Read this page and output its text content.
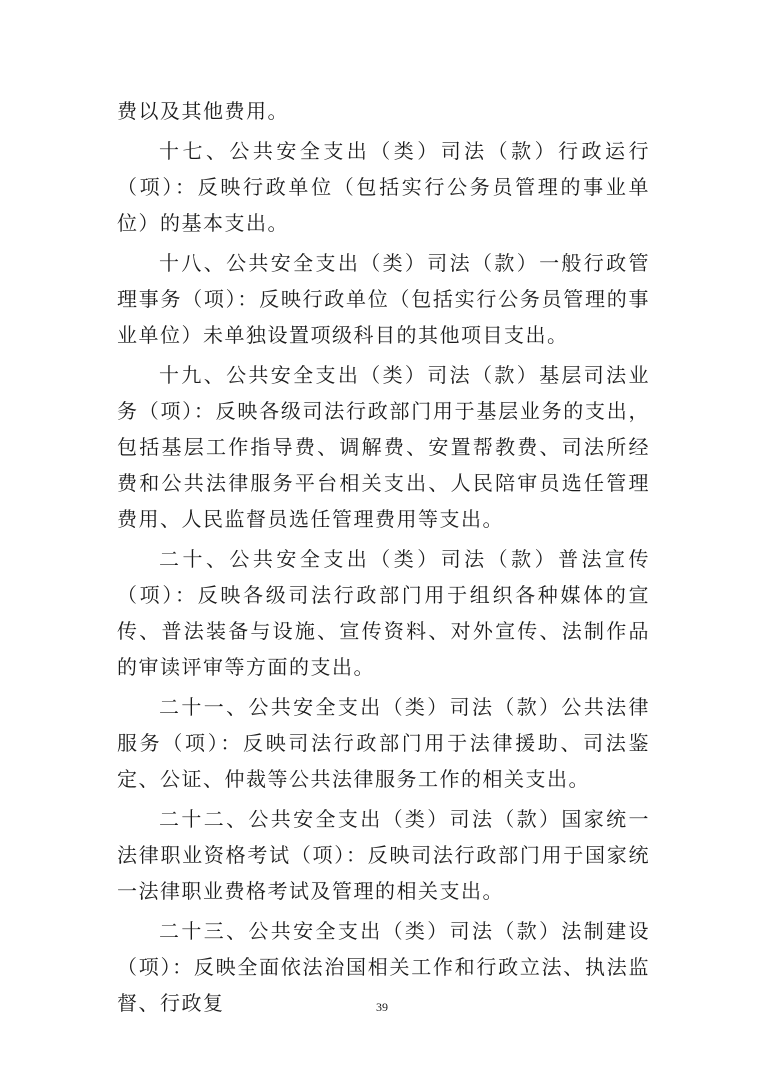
费以及其他费用。

十七、公共安全支出（类）司法（款）行政运行（项）：反映行政单位（包括实行公务员管理的事业单位）的基本支出。

十八、公共安全支出（类）司法（款）一般行政管理事务（项）：反映行政单位（包括实行公务员管理的事业单位）未单独设置项级科目的其他项目支出。

十九、公共安全支出（类）司法（款）基层司法业务（项）：反映各级司法行政部门用于基层业务的支出，包括基层工作指导费、调解费、安置帮教费、司法所经费和公共法律服务平台相关支出、人民陪审员选任管理费用、人民监督员选任管理费用等支出。

二十、公共安全支出（类）司法（款）普法宣传（项）：反映各级司法行政部门用于组织各种媒体的宣传、普法装备与设施、宣传资料、对外宣传、法制作品的审读评审等方面的支出。

二十一、公共安全支出（类）司法（款）公共法律服务（项）：反映司法行政部门用于法律援助、司法鉴定、公证、仲裁等公共法律服务工作的相关支出。

二十二、公共安全支出（类）司法（款）国家统一法律职业资格考试（项）：反映司法行政部门用于国家统一法律职业费格考试及管理的相关支出。

二十三、公共安全支出（类）司法（款）法制建设（项）：反映全面依法治国相关工作和行政立法、执法监督、行政复	39
